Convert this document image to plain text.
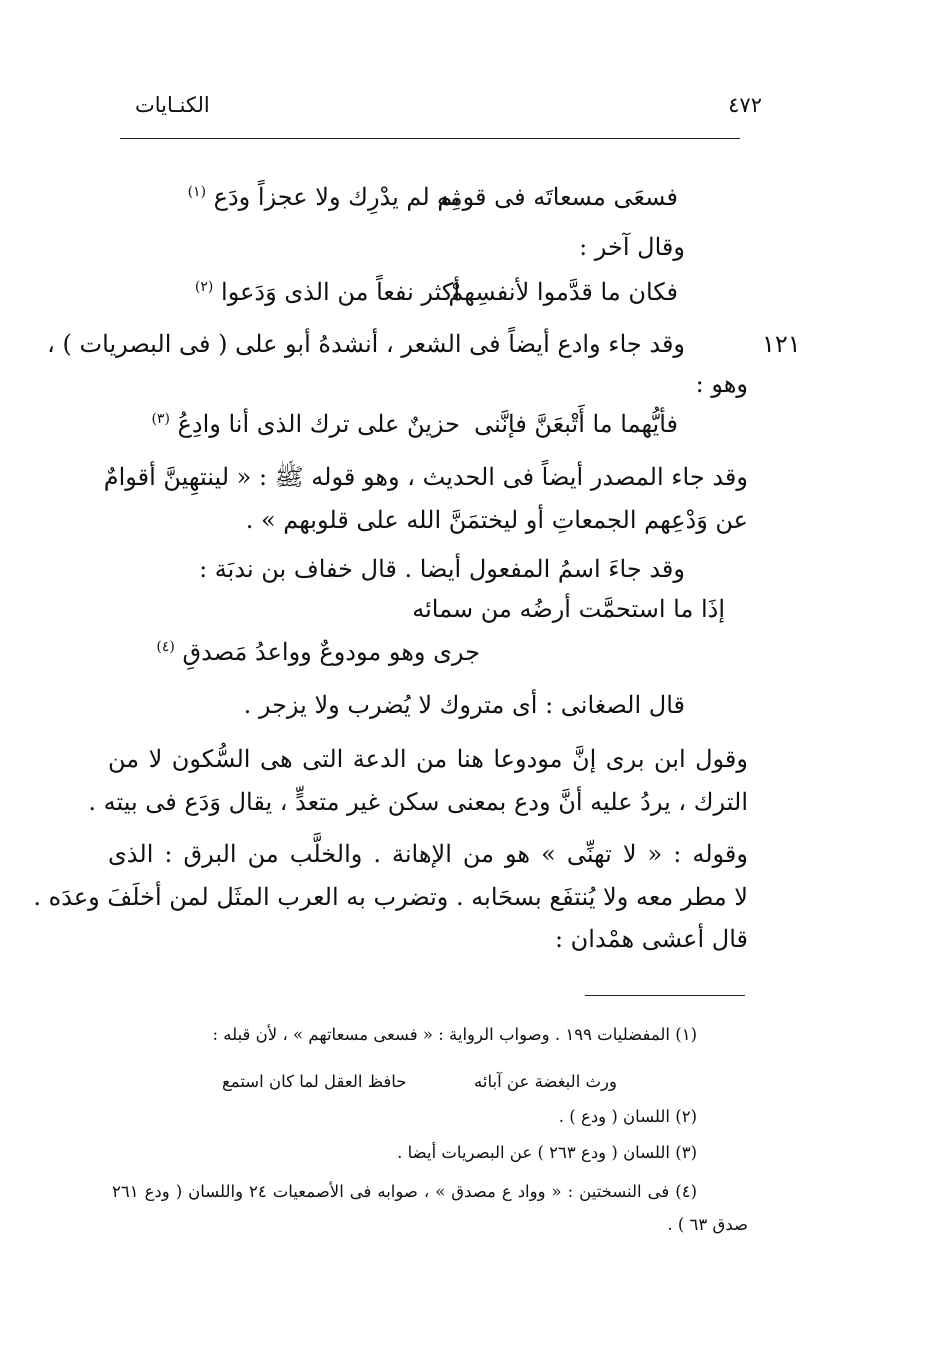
٤٧٢
الكنـايات
١٢١
فسعَى مسعاتَه فى قومِه
ثم لم يدْرِك ولا عجزاً ودَع $^{(١)}$
وقال آخر :
فكان ما قدَّموا لأنفسِهمْ
أكثر نفعاً من الذى وَدَعوا $^{(٢)}$
وقد جاء وادع أيضاً فى الشعر ، أنشدهُ أبو على ( فى البصريات ) ،
وهو :
فأيُّهما ما أَتْبعَنَّ فإنَّنى
حزينٌ على ترك الذى أنا وادِعُ $^{(٣)}$
وقد جاء المصدر أيضاً فى الحديث ، وهو قوله ﷺ : « لينتهِينَّ أقوامٌ
عن وَدْعِهم الجمعاتِ أو ليختمَنَّ الله على قلوبهم » .
وقد جاءَ اسمُ المفعول أيضا . قال خفاف بن ندبَة :
إذَا ما استحمَّت أرضُه من سمائه
جرى وهو مودوعٌ وواعدُ مَصدقِ $^{(٤)}$
قال الصغانى : أى متروك لا يُضرب ولا يزجر .
وقول ابن برى إنَّ مودوعا هنا من الدعة التى هى السُّكون لا من
الترك ، يردُ عليه أنَّ ودع بمعنى سكن غير متعدٍّ ، يقال وَدَع فى بيته .
وقوله : « لا تهنِّى » هو من الإهانة . والخلَّب من البرق : الذى
لا مطر معه ولا يُنتفَع بسحَابه . وتضرب به العرب المثَل لمن أخلَفَ وعدَه .
قال أعشى همْدان :
(١) المفضليات ١٩٩ . وصواب الرواية : « فسعى مسعاتهم » ، لأن قبله :
ورث البغضة عن آبائه
حافظ العقل لما كان استمع
(٢) اللسان ( ودع ) .
(٣) اللسان ( ودع ٢٦٣ ) عن البصريات أيضا .
(٤) فى النسختين : « وواد ع مصدق » ، صوابه فى الأصمعيات ٢٤ واللسان ( ودع ٢٦١
صدق ٦٣ ) .
